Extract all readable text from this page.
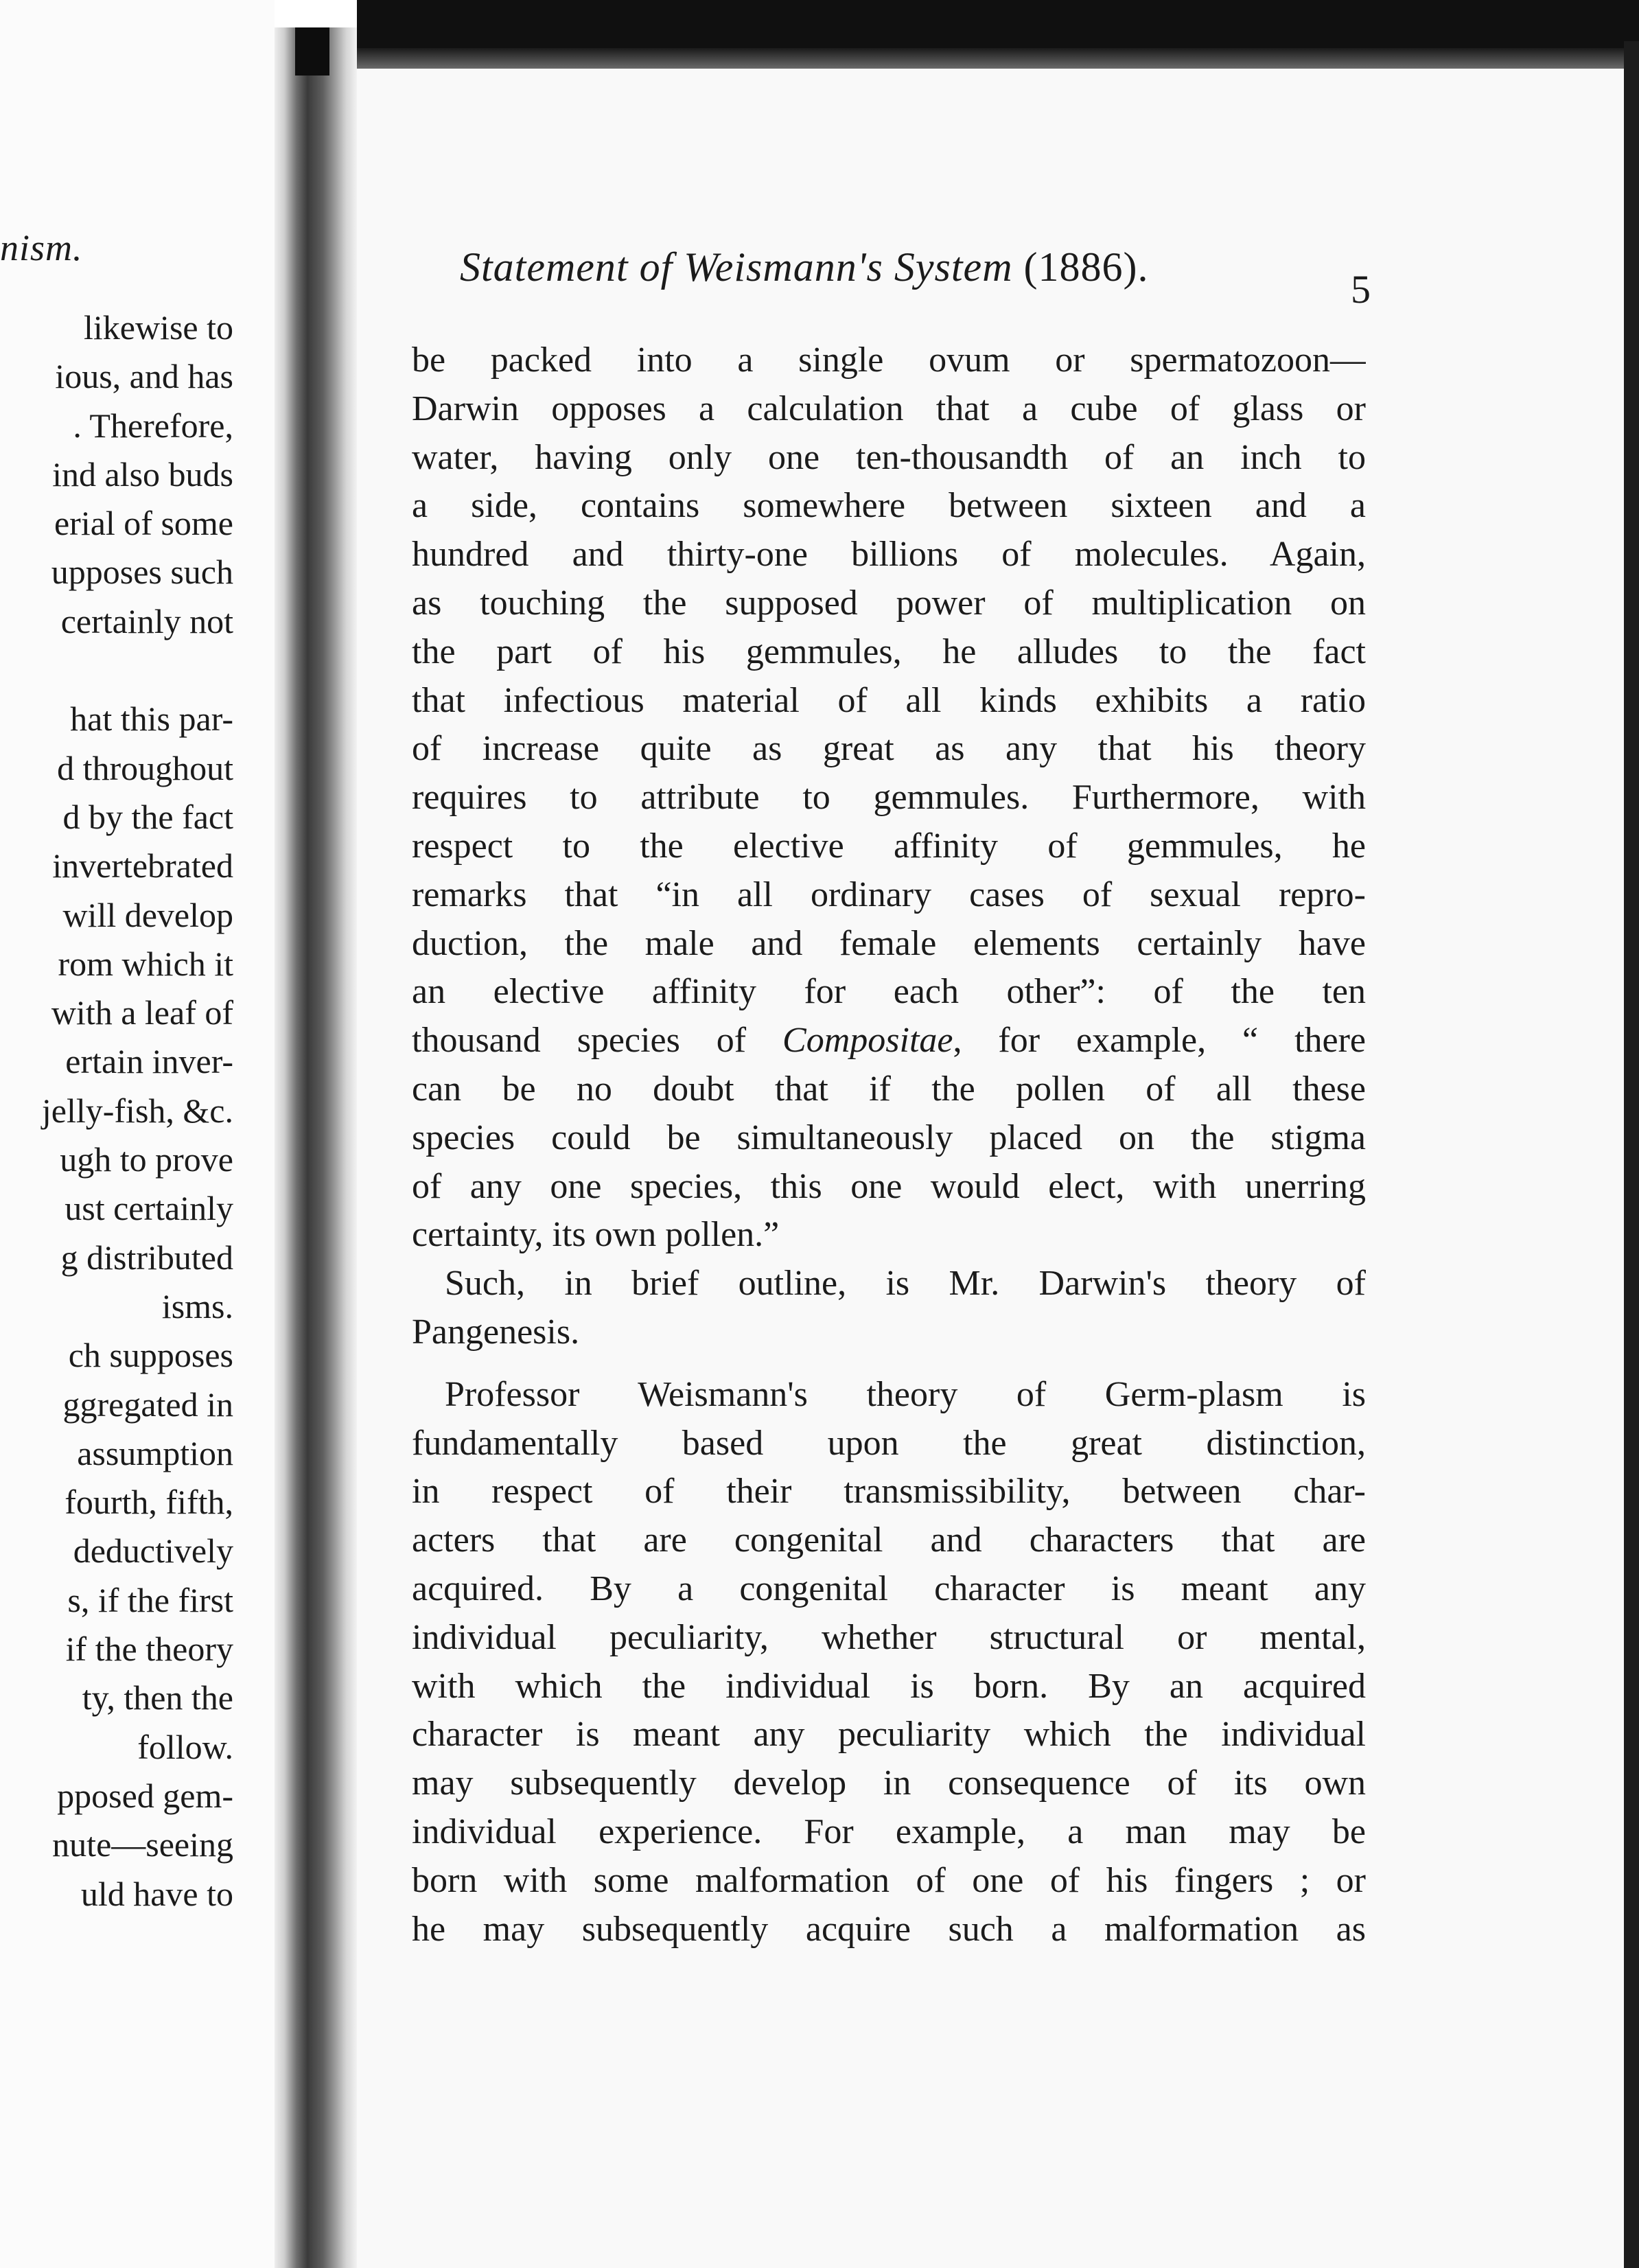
nism.
likewise to
ious, and has
. Therefore,
ind also buds
erial of some
upposes such
certainly not
hat this par-
d throughout
d by the fact
invertebrated
will develop
rom which it
with a leaf of
ertain inver-
jelly-fish, &c.
ugh to prove
ust certainly
g distributed
isms.
ch supposes
ggregated in
assumption
fourth, fifth,
deductively
s, if the first
if the theory
ty, then the
follow.
pposed gem-
nute—seeing
uld have to
Statement of Weismann's System (1886).	5
be packed into a single ovum or spermatozoon—
Darwin opposes a calculation that a cube of glass or
water, having only one ten-thousandth of an inch to
a side, contains somewhere between sixteen and a
hundred and thirty-one billions of molecules. Again,
as touching the supposed power of multiplication on
the part of his gemmules, he alludes to the fact
that infectious material of all kinds exhibits a ratio
of increase quite as great as any that his theory
requires to attribute to gemmules. Furthermore, with
respect to the elective affinity of gemmules, he
remarks that “in all ordinary cases of sexual repro-
duction, the male and female elements certainly have
an elective affinity for each other”: of the ten
thousand species of Compositae, for example, “ there
can be no doubt that if the pollen of all these
species could be simultaneously placed on the stigma
of any one species, this one would elect, with unerring
certainty, its own pollen.”
Such, in brief outline, is Mr. Darwin's theory of
Pangenesis.
Professor Weismann's theory of Germ-plasm is
fundamentally based upon the great distinction,
in respect of their transmissibility, between char-
acters that are congenital and characters that are
acquired. By a congenital character is meant any
individual peculiarity, whether structural or mental,
with which the individual is born. By an acquired
character is meant any peculiarity which the individual
may subsequently develop in consequence of its own
individual experience. For example, a man may be
born with some malformation of one of his fingers ; or
he may subsequently acquire such a malformation as
